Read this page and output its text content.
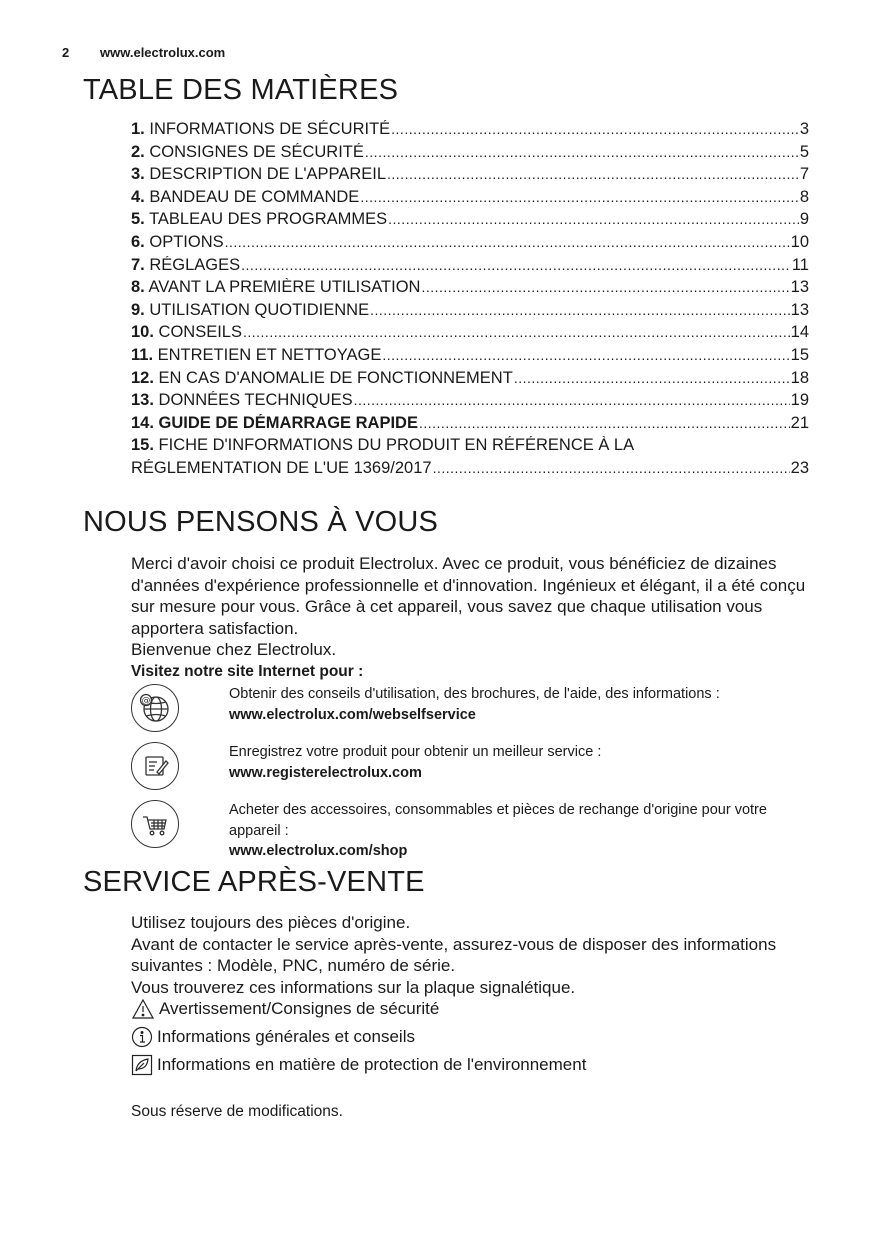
2	www.electrolux.com
TABLE DES MATIÈRES
1. INFORMATIONS DE SÉCURITÉ .....	3
2. CONSIGNES DE SÉCURITÉ .....	5
3. DESCRIPTION DE L'APPAREIL .....	7
4. BANDEAU DE COMMANDE .....	8
5. TABLEAU DES PROGRAMMES .....	9
6. OPTIONS .....	10
7. RÉGLAGES .....	11
8. AVANT LA PREMIÈRE UTILISATION .....	13
9. UTILISATION QUOTIDIENNE .....	13
10. CONSEILS .....	14
11. ENTRETIEN ET NETTOYAGE .....	15
12. EN CAS D'ANOMALIE DE FONCTIONNEMENT .....	18
13. DONNÉES TECHNIQUES .....	19
14. GUIDE DE DÉMARRAGE RAPIDE .....	21
15. FICHE D'INFORMATIONS DU PRODUIT EN RÉFÉRENCE À LA
RÉGLEMENTATION DE L'UE 1369/2017 .....	23
NOUS PENSONS À VOUS

Merci d'avoir choisi ce produit Electrolux. Avec ce produit, vous bénéficiez de dizaines d'années d'expérience professionnelle et d'innovation. Ingénieux et élégant, il a été conçu sur mesure pour vous. Grâce à cet appareil, vous savez que chaque utilisation vous apportera satisfaction.

Bienvenue chez Electrolux.

Visitez notre site Internet pour :

@	Obtenir des conseils d'utilisation, des brochures, de l'aide, des informations :
www.electrolux.com/webselfservice
Enregistrez votre produit pour obtenir un meilleur service :
www.registerelectrolux.com
Acheter des accessoires, consommables et pièces de rechange d'origine pour votre appareil :
www.electrolux.com/shop
SERVICE APRÈS-VENTE

Utilisez toujours des pièces d'origine.

Avant de contacter le service après-vente, assurez-vous de disposer des informations suivantes : Modèle, PNC, numéro de série.

Vous trouverez ces informations sur la plaque signalétique.

Avertissement/Consignes de sécurité
Informations générales et conseils
Informations en matière de protection de l'environnement
Sous réserve de modifications.
